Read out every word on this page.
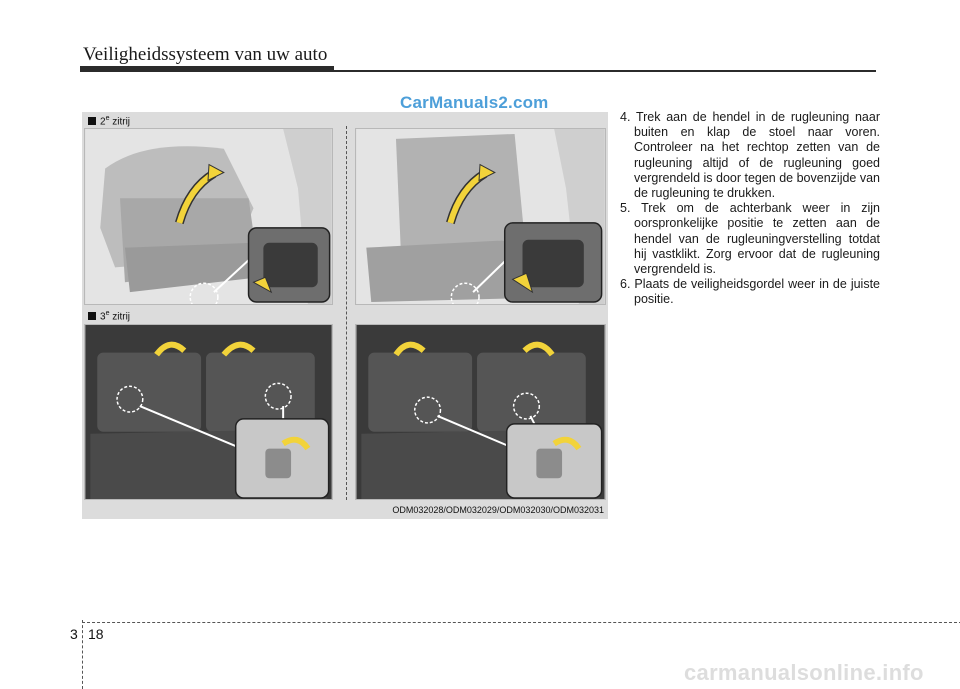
Veiligheidssysteem van uw auto
CarManuals2.com
2e zitrij
3e zitrij
ODM032028/ODM032029/ODM032030/ODM032031
4. Trek aan de hendel in de rugleuning naar buiten en klap de stoel naar voren. Controleer na het rechtop zetten van de rugleuning altijd of de rugleuning goed vergrendeld is door tegen de bovenzijde van de rugleuning te drukken.
5. Trek om de achterbank weer in zijn oorspronkelijke positie te zetten aan de hendel van de rugleuningverstelling totdat hij vastklikt. Zorg ervoor dat de rugleuning vergrendeld is.
6. Plaats de veiligheidsgordel weer in de juiste positie.
3 18
carmanualsonline.info
